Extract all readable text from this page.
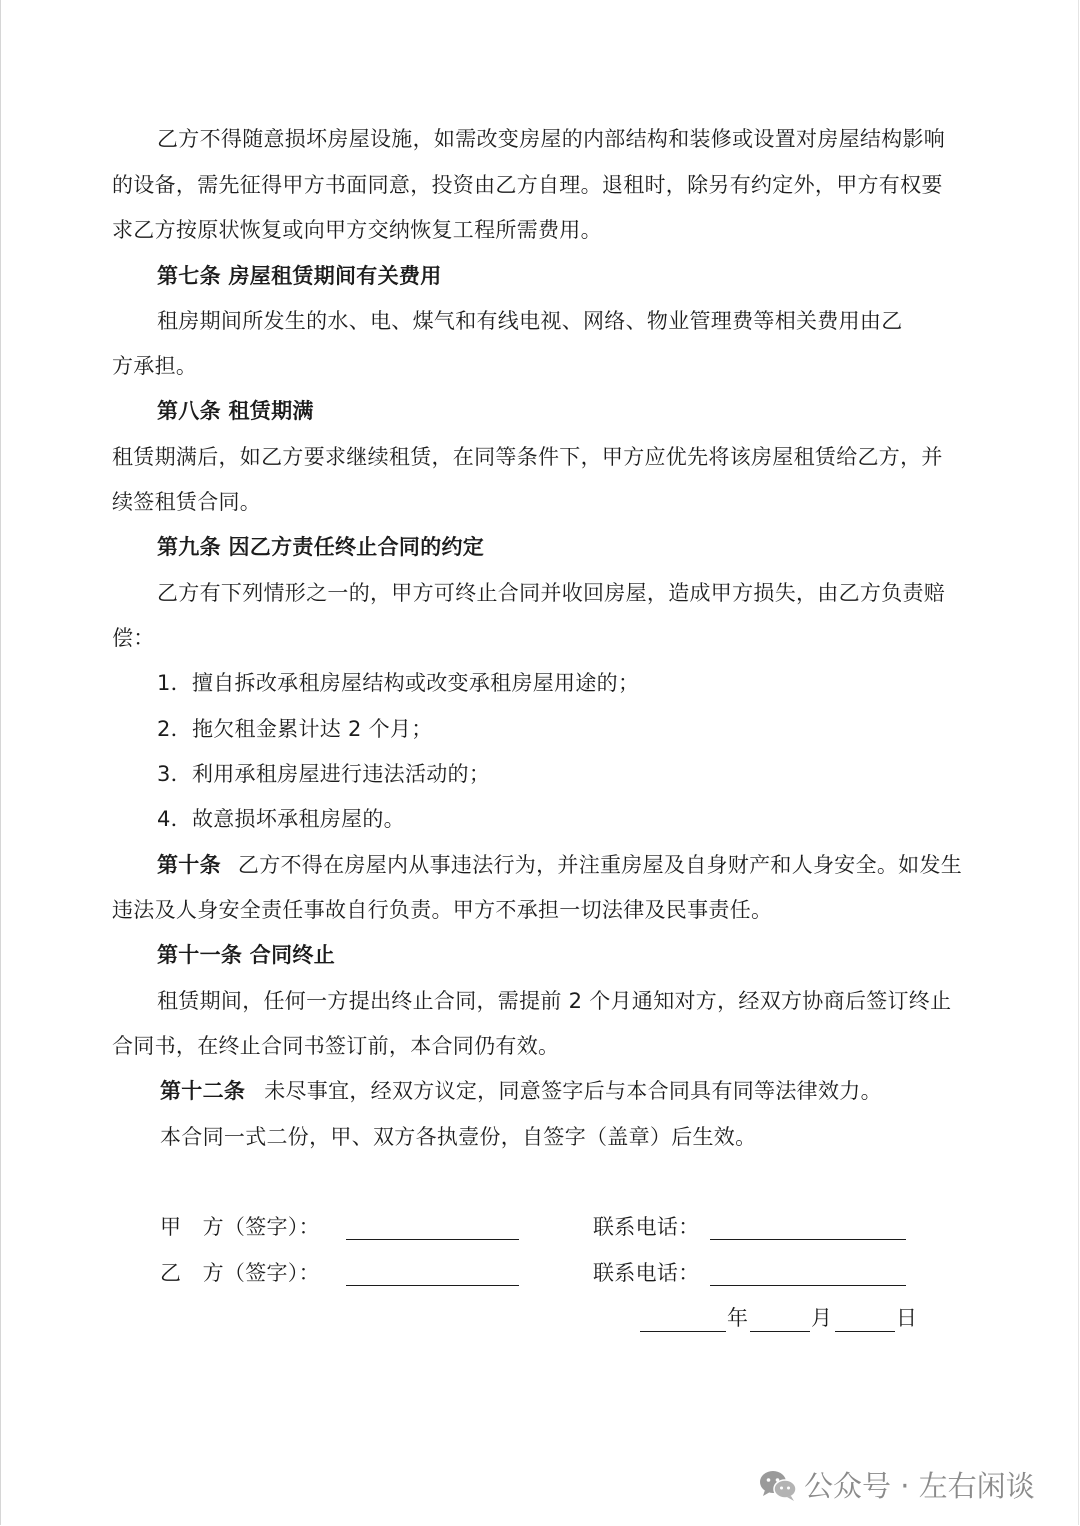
乙方不得随意损坏房屋设施，如需改变房屋的内部结构和装修或设置对房屋结构影响
的设备，需先征得甲方书面同意，投资由乙方自理。退租时，除另有约定外，甲方有权要
求乙方按原状恢复或向甲方交纳恢复工程所需费用。
第七条 房屋租赁期间有关费用
租房期间所发生的水、电、煤气和有线电视、网络、物业管理费等相关费用由乙
方承担。
第八条 租赁期满
租赁期满后，如乙方要求继续租赁，在同等条件下，甲方应优先将该房屋租赁给乙方，并
续签租赁合同。
第九条 因乙方责任终止合同的约定
乙方有下列情形之一的，甲方可终止合同并收回房屋，造成甲方损失，由乙方负责赔
偿：
1．擅自拆改承租房屋结构或改变承租房屋用途的；
2．拖欠租金累计达 2 个月；
3．利用承租房屋进行违法活动的；
4．故意损坏承租房屋的。
第十条 乙方不得在房屋内从事违法行为，并注重房屋及自身财产和人身安全。如发生
违法及人身安全责任事故自行负责。甲方不承担一切法律及民事责任。
第十一条 合同终止
租赁期间，任何一方提出终止合同，需提前 2 个月通知对方，经双方协商后签订终止
合同书，在终止合同书签订前，本合同仍有效。
第十二条 未尽事宜，经双方议定，同意签字后与本合同具有同等法律效力。
本合同一式二份，甲、双方各执壹份，自签字（盖章）后生效。
甲　方（签字）：	联系电话：
乙　方（签字）：	联系电话：
年	月	日
公众号 · 左右闲谈
